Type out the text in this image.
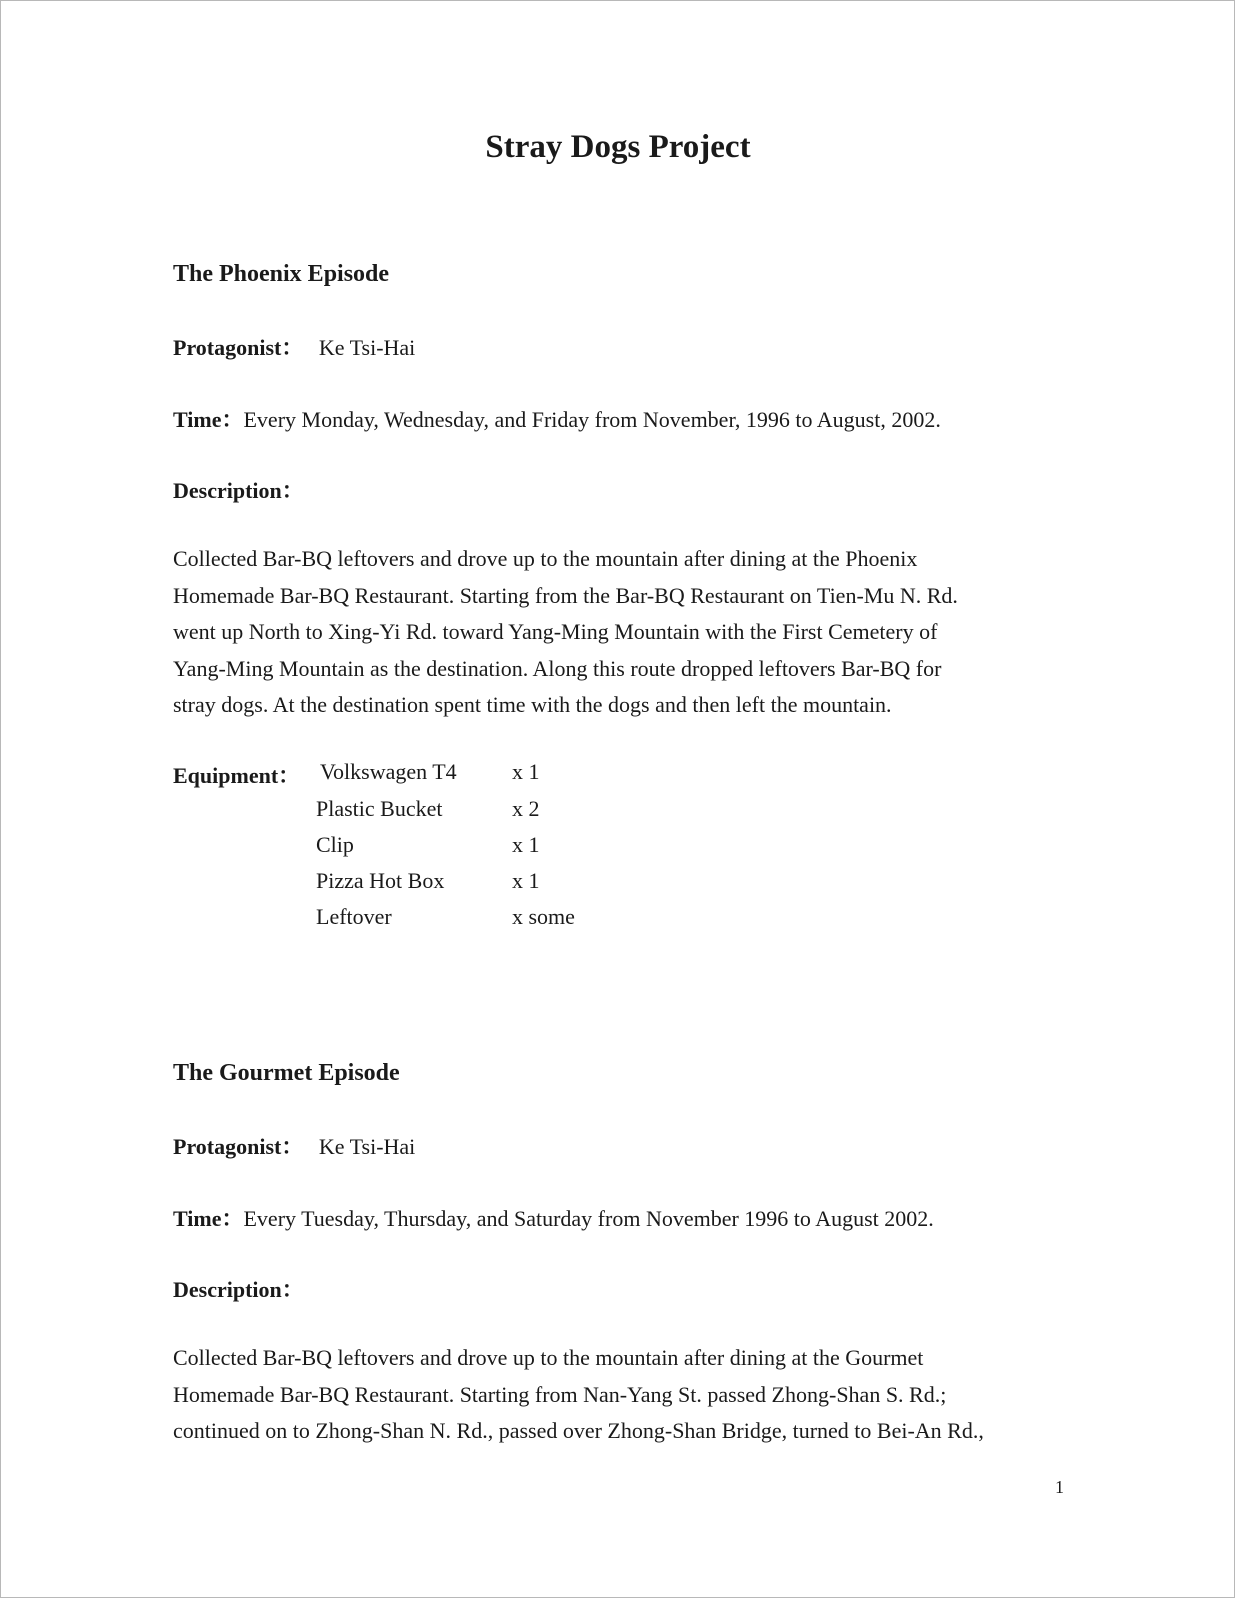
Stray Dogs Project
The Phoenix Episode
Protagonist： Ke Tsi-Hai
Time：Every Monday, Wednesday, and Friday from November, 1996 to August, 2002.
Description：
Collected Bar-BQ leftovers and drove up to the mountain after dining at the Phoenix
Homemade Bar-BQ Restaurant. Starting from the Bar-BQ Restaurant on Tien-Mu N. Rd.
went up North to Xing-Yi Rd. toward Yang-Ming Mountain with the First Cemetery of
Yang-Ming Mountain as the destination. Along this route dropped leftovers Bar-BQ for
stray dogs. At the destination spent time with the dogs and then left the mountain.
Equipment： Volkswagen T4	x 1
Plastic Bucket	x 2
Clip	x 1
Pizza Hot Box	x 1
Leftover	x some
The Gourmet Episode
Protagonist： Ke Tsi-Hai
Time：Every Tuesday, Thursday, and Saturday from November 1996 to August 2002.
Description：
Collected Bar-BQ leftovers and drove up to the mountain after dining at the Gourmet
Homemade Bar-BQ Restaurant. Starting from Nan-Yang St. passed Zhong-Shan S. Rd.;
continued on to Zhong-Shan N. Rd., passed over Zhong-Shan Bridge, turned to Bei-An Rd.,
1
